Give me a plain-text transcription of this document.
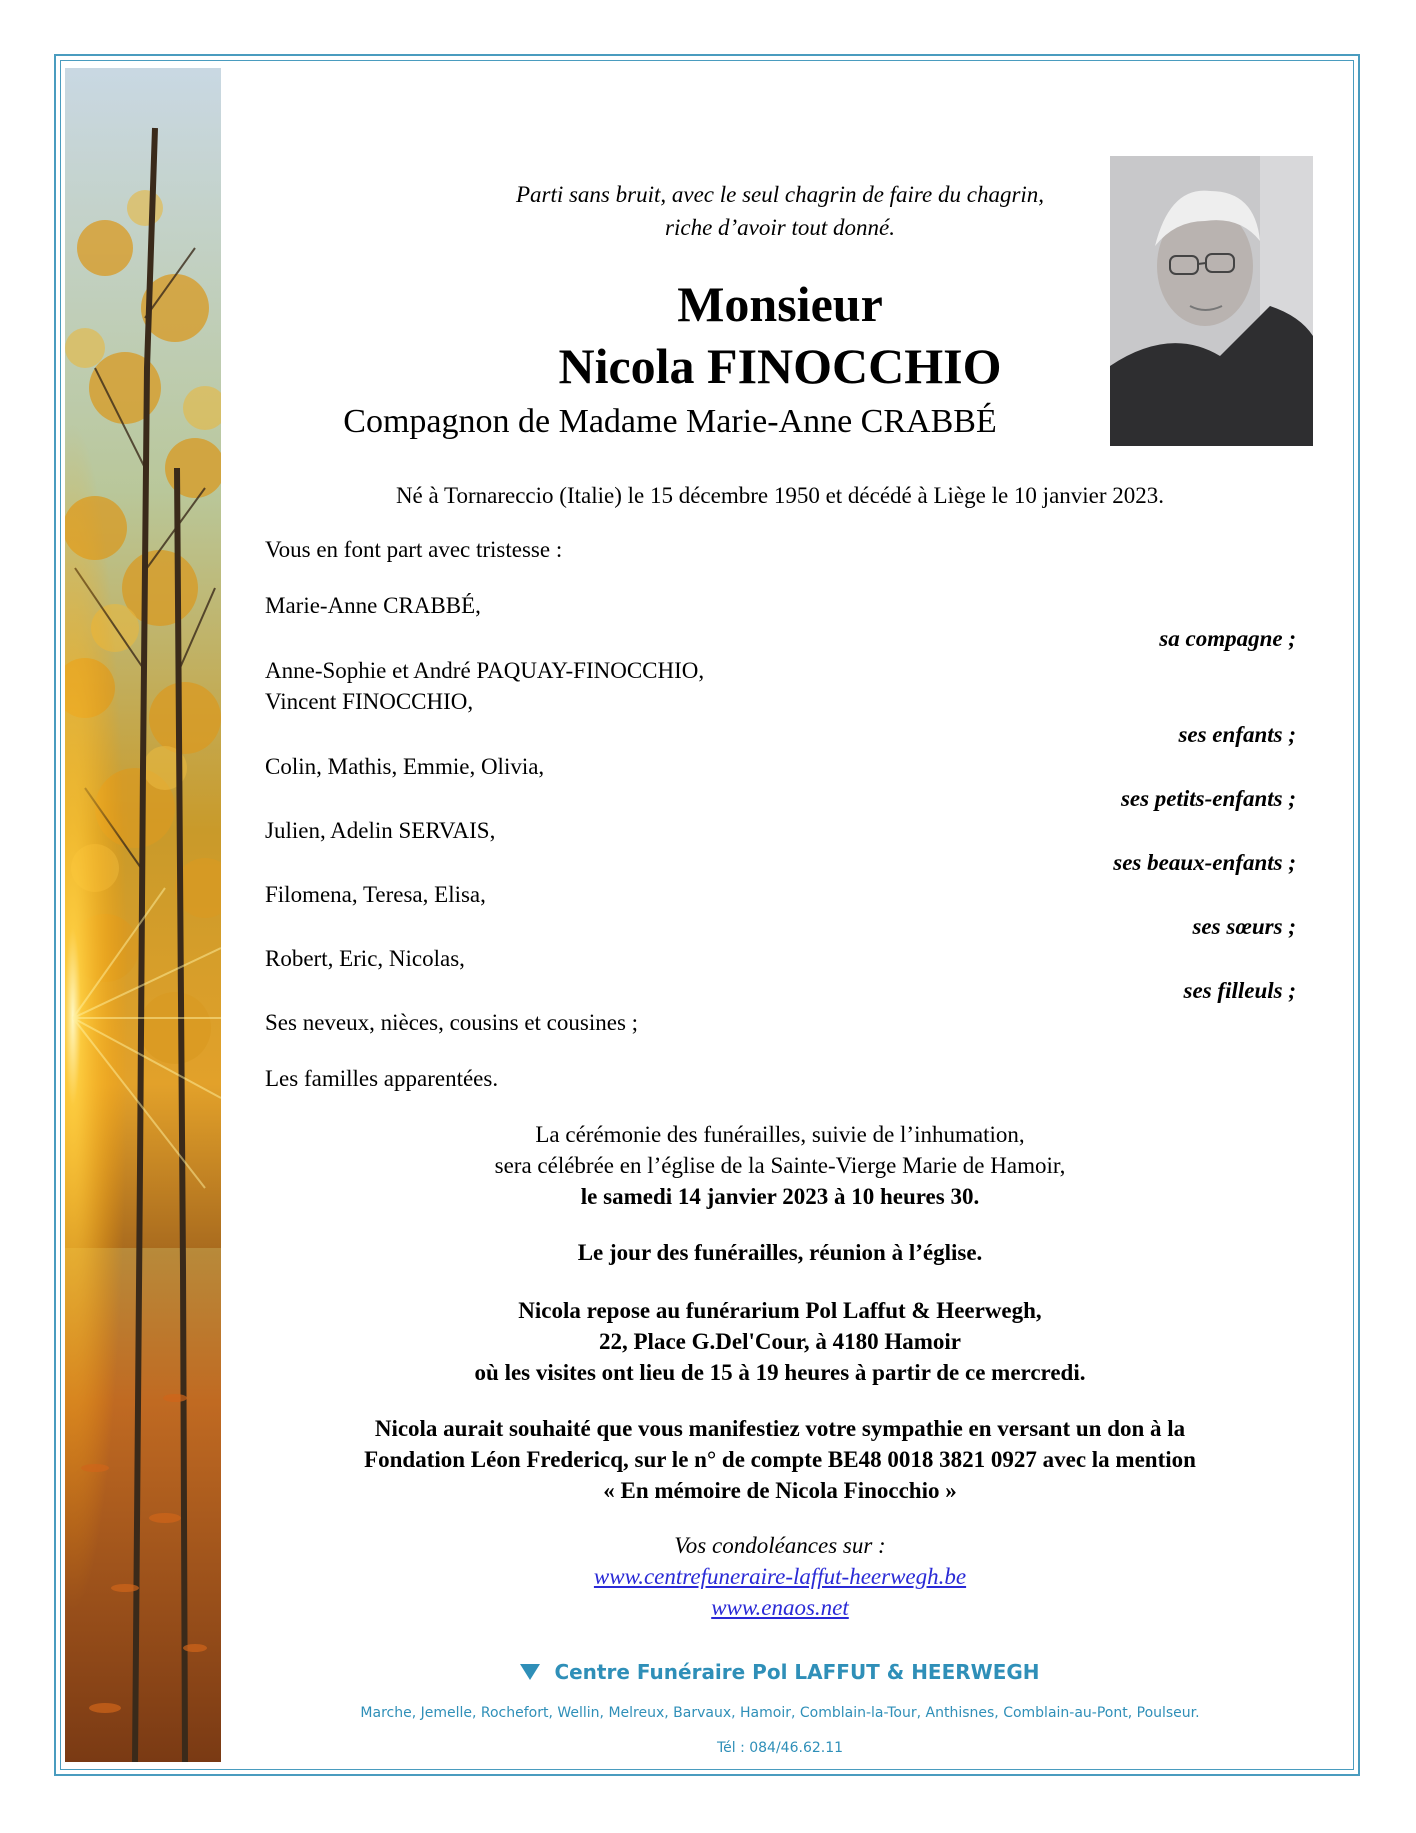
Parti sans bruit, avec le seul chagrin de faire du chagrin,
riche d’avoir tout donné.
Monsieur
Nicola FINOCCHIO
Compagnon de Madame Marie-Anne CRABBÉ
Né à Tornareccio (Italie) le 15 décembre 1950 et décédé à Liège le 10 janvier 2023.
Vous en font part avec tristesse :
Marie-Anne CRABBÉ,
sa compagne ;
Anne-Sophie et André PAQUAY-FINOCCHIO,
Vincent FINOCCHIO,
ses enfants ;
Colin, Mathis, Emmie, Olivia,
ses petits-enfants ;
Julien, Adelin SERVAIS,
ses beaux-enfants ;
Filomena, Teresa, Elisa,
ses sœurs ;
Robert, Eric, Nicolas,
ses filleuls ;
Ses neveux, nièces, cousins et cousines ;
Les familles apparentées.
La cérémonie des funérailles, suivie de l’inhumation,
sera célébrée en l’église de la Sainte-Vierge Marie de Hamoir,
le samedi 14 janvier 2023 à 10 heures 30.
Le jour des funérailles, réunion à l’église.
Nicola repose au funérarium Pol Laffut & Heerwegh,
22, Place G.Del'Cour, à 4180 Hamoir
où les visites ont lieu de 15 à 19 heures à partir de ce mercredi.
Nicola aurait souhaité que vous manifestiez votre sympathie en versant un don à la
Fondation Léon Fredericq, sur le n° de compte BE48 0018 3821 0927 avec la mention
« En mémoire de Nicola Finocchio »
Vos condoléances sur :
www.centrefuneraire-laffut-heerwegh.be
www.enaos.net
Centre Funéraire Pol LAFFUT & HEERWEGH
Marche, Jemelle, Rochefort, Wellin, Melreux, Barvaux, Hamoir, Comblain-la-Tour, Anthisnes, Comblain-au-Pont, Poulseur.
Tél : 084/46.62.11
